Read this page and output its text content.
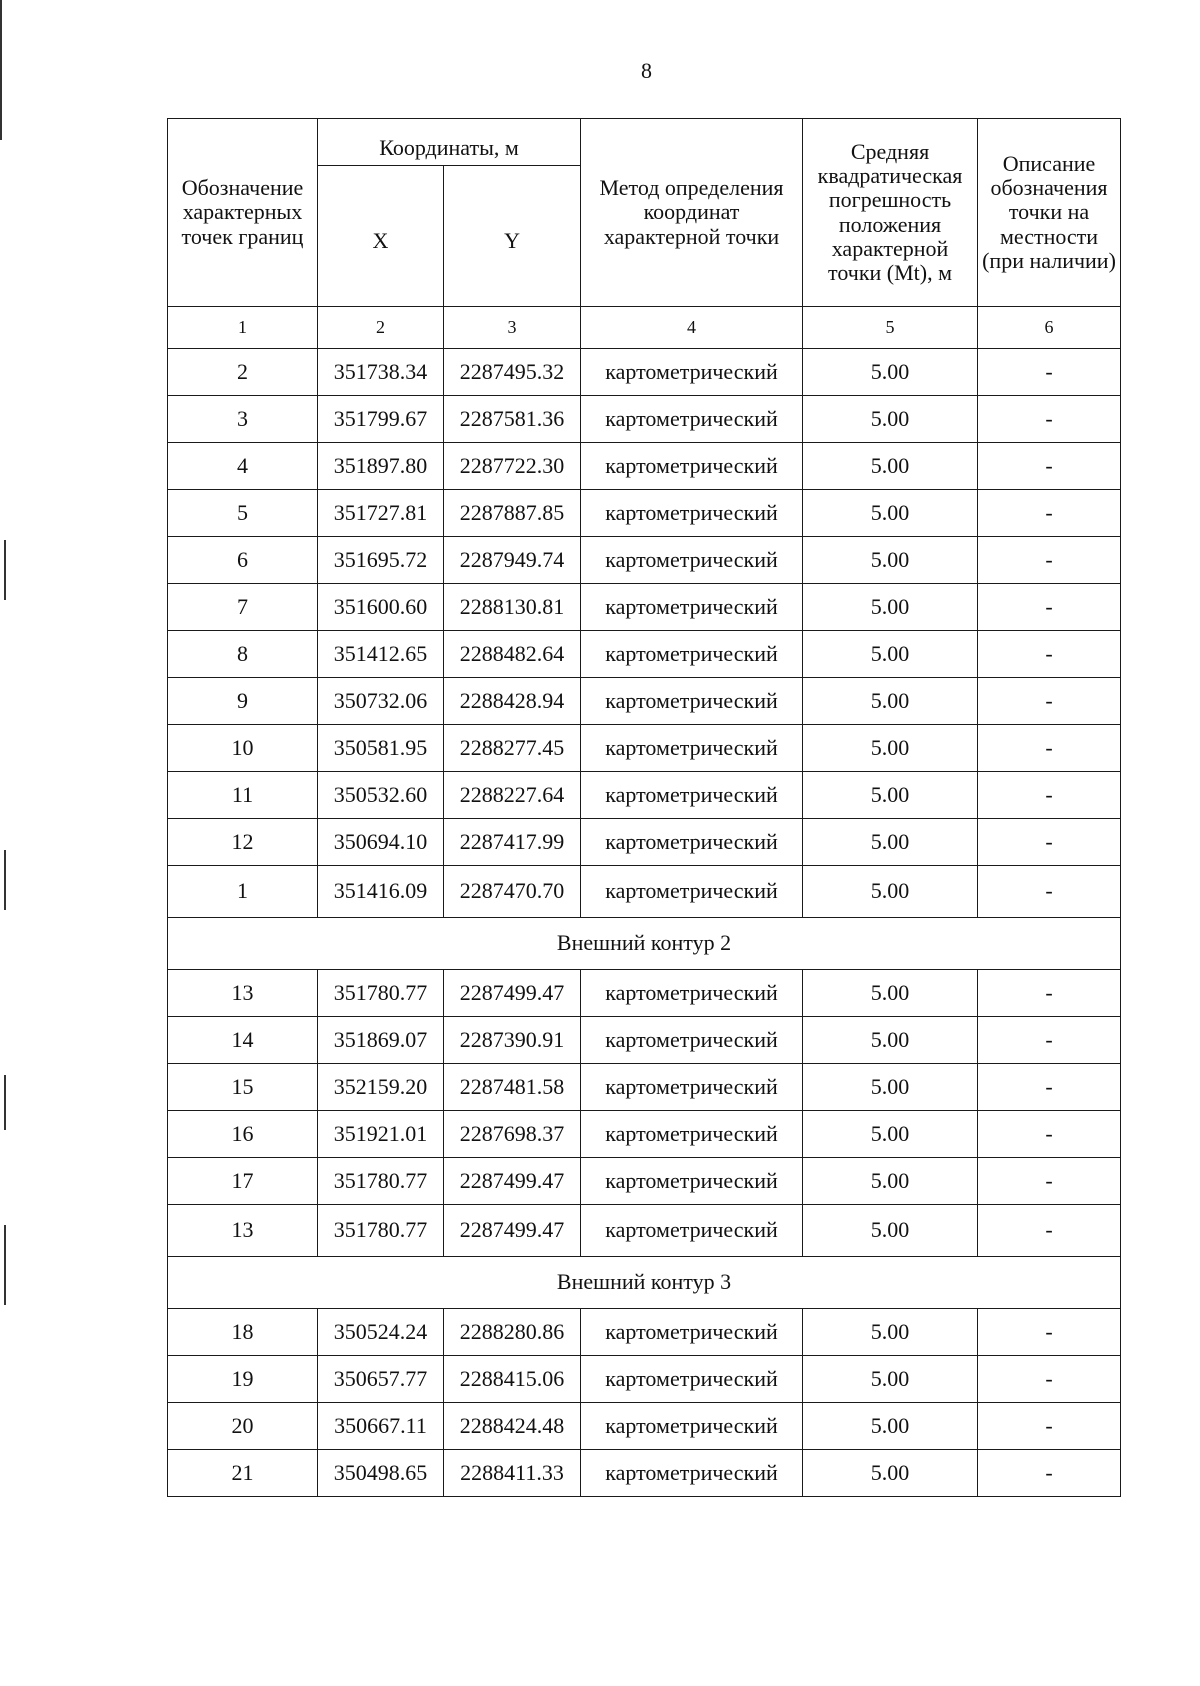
8
Обозначение характерных точек границ	Координаты, м		Метод определения координат характерной точки	Средняя квадратическая погрешность положения характерной точки (Mt), м	Описание обозначения точки на местности (при наличии)
	X	Y			
1	2	3	4	5	6
2	351738.34	2287495.32	картометрический	5.00	-
3	351799.67	2287581.36	картометрический	5.00	-
4	351897.80	2287722.30	картометрический	5.00	-
5	351727.81	2287887.85	картометрический	5.00	-
6	351695.72	2287949.74	картометрический	5.00	-
7	351600.60	2288130.81	картометрический	5.00	-
8	351412.65	2288482.64	картометрический	5.00	-
9	350732.06	2288428.94	картометрический	5.00	-
10	350581.95	2288277.45	картометрический	5.00	-
11	350532.60	2288227.64	картометрический	5.00	-
12	350694.10	2287417.99	картометрический	5.00	-
1	351416.09	2287470.70	картометрический	5.00	-
Внешний контур 2					
13	351780.77	2287499.47	картометрический	5.00	-
14	351869.07	2287390.91	картометрический	5.00	-
15	352159.20	2287481.58	картометрический	5.00	-
16	351921.01	2287698.37	картометрический	5.00	-
17	351780.77	2287499.47	картометрический	5.00	-
13	351780.77	2287499.47	картометрический	5.00	-
Внешний контур 3					
18	350524.24	2288280.86	картометрический	5.00	-
19	350657.77	2288415.06	картометрический	5.00	-
20	350667.11	2288424.48	картометрический	5.00	-
21	350498.65	2288411.33	картометрический	5.00	-
